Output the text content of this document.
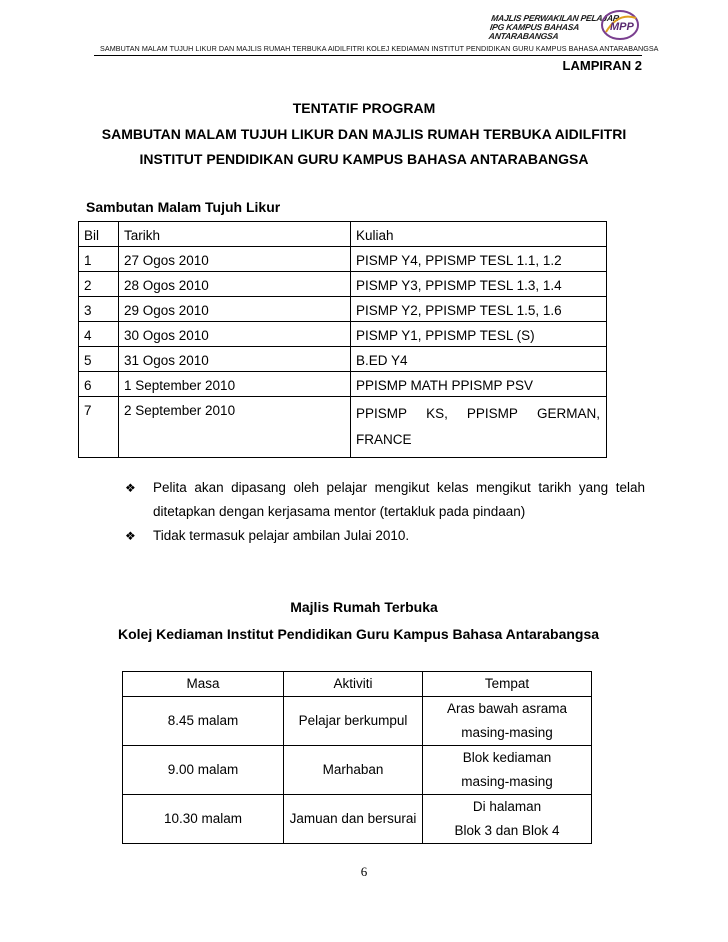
MAJLIS PERWAKILAN PELAJAR
IPG KAMPUS BAHASA ANTARABANGSA
MPP
SAMBUTAN MALAM TUJUH LIKUR DAN MAJLIS RUMAH TERBUKA AIDILFITRI KOLEJ KEDIAMAN INSTITUT PENDIDIKAN GURU KAMPUS BAHASA ANTARABANGSA
LAMPIRAN 2
TENTATIF PROGRAM
SAMBUTAN MALAM TUJUH LIKUR DAN MAJLIS RUMAH TERBUKA AIDILFITRI
INSTITUT PENDIDIKAN GURU KAMPUS BAHASA ANTARABANGSA
Sambutan Malam Tujuh Likur
Bil	Tarikh	Kuliah
1	27 Ogos 2010	PISMP Y4, PPISMP TESL 1.1, 1.2
2	28 Ogos 2010	PISMP Y3, PPISMP TESL 1.3, 1.4
3	29 Ogos 2010	PISMP Y2, PPISMP TESL 1.5, 1.6
4	30 Ogos 2010	PISMP Y1, PPISMP TESL (S)
5	31 Ogos 2010	B.ED Y4
6	1 September 2010	PPISMP MATH PPISMP PSV
7	2 September 2010	PPISMP KS, PPISMP GERMAN,
FRANCE
❖	Pelita akan dipasang oleh pelajar mengikut kelas mengikut tarikh yang telah ditetapkan dengan kerjasama mentor (tertakluk pada pindaan)
❖	Tidak termasuk pelajar ambilan Julai 2010.
Majlis Rumah Terbuka
Kolej Kediaman Institut Pendidikan Guru Kampus Bahasa Antarabangsa
Masa	Aktiviti	Tempat
8.45 malam	Pelajar berkumpul	Aras bawah asrama
masing-masing

9.00 malam	Marhaban	Blok kediaman
masing-masing

10.30 malam	Jamuan dan bersurai	Di halaman
Blok 3 dan Blok 4
6
